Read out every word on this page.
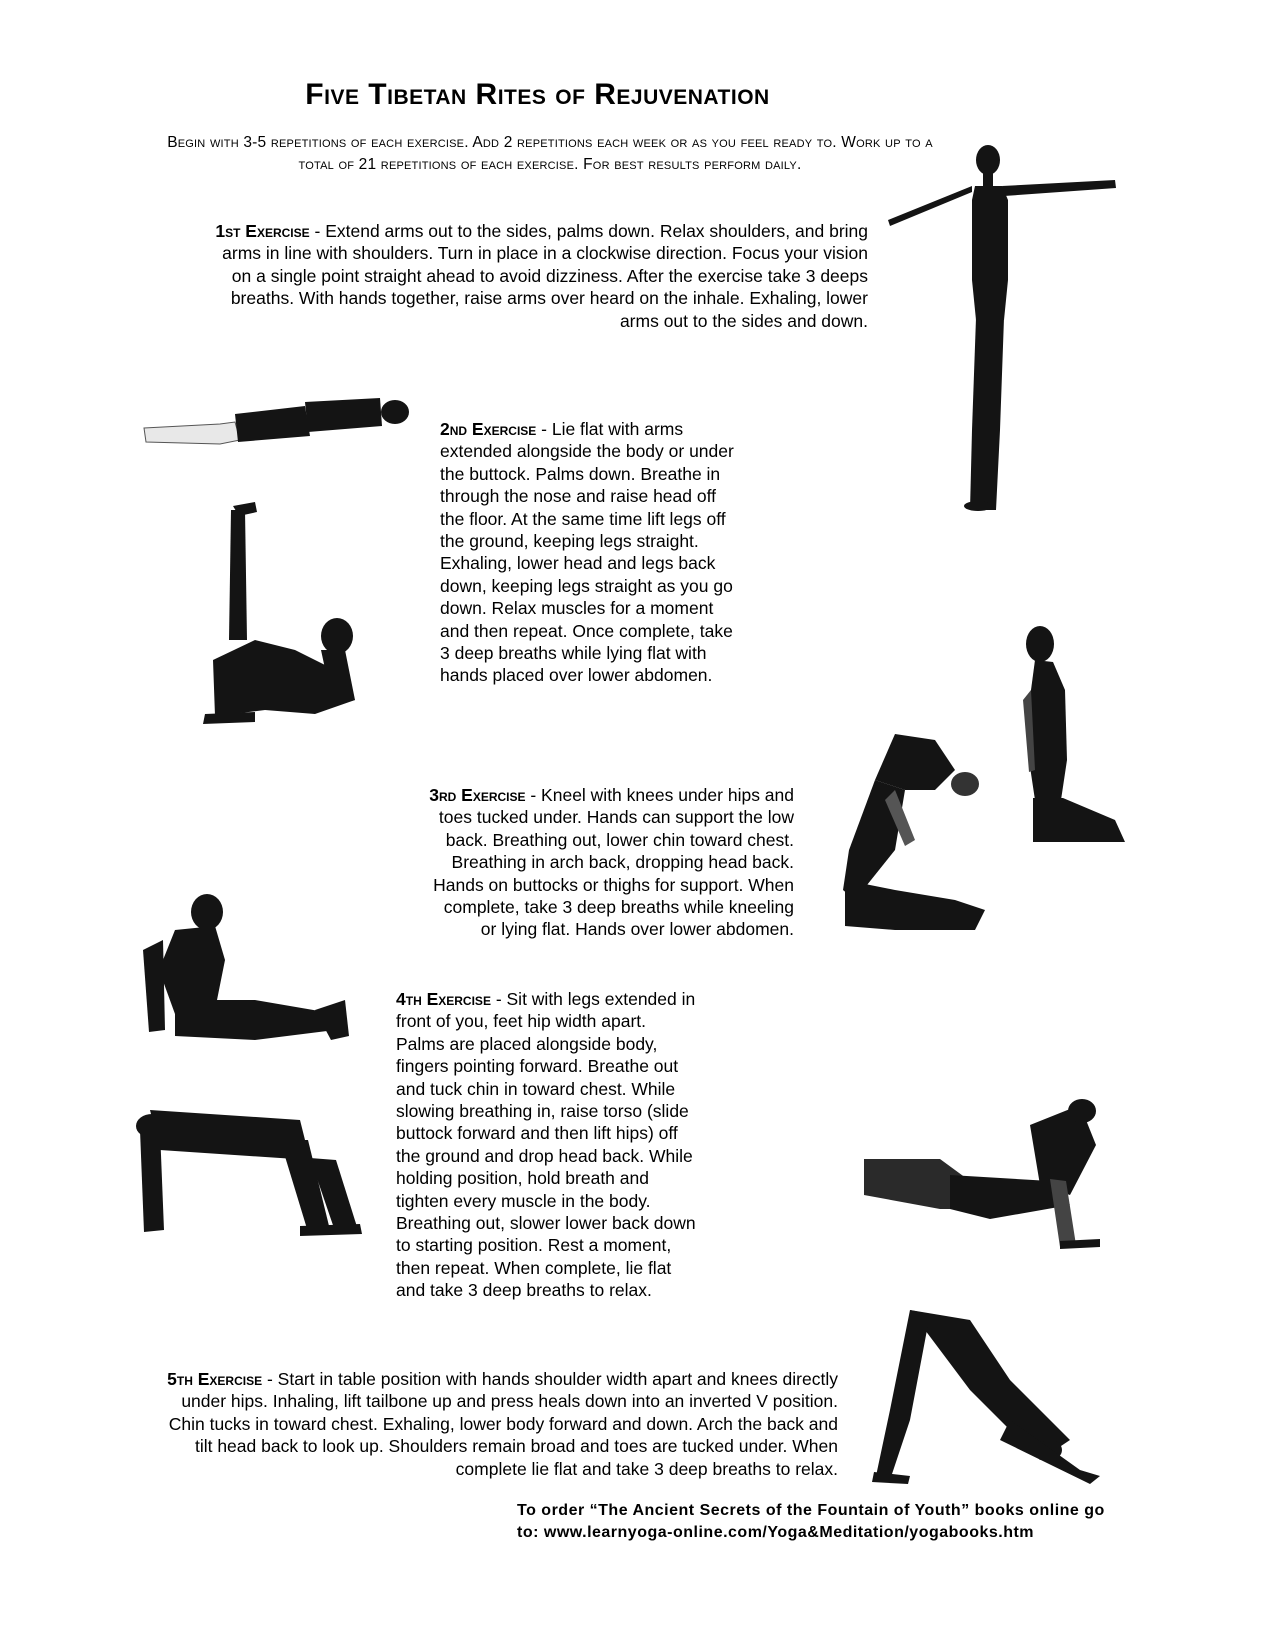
Five Tibetan Rites of Rejuvenation
Begin with 3-5 repetitions of each exercise. Add 2 repetitions each week or as you feel ready to. Work up to a total of 21 repetitions of each exercise. For best results perform daily.
1st Exercise - Extend arms out to the sides, palms down. Relax shoulders, and bring arms in line with shoulders. Turn in place in a clockwise direction. Focus your vision on a single point straight ahead to avoid dizziness. After the exercise take 3 deeps breaths. With hands together, raise arms over heard on the inhale. Exhaling, lower arms out to the sides and down.
2nd Exercise - Lie flat with arms extended alongside the body or under the buttock. Palms down. Breathe in through the nose and raise head off the floor. At the same time lift legs off the ground, keeping legs straight. Exhaling, lower head and legs back down, keeping legs straight as you go down. Relax muscles for a moment and then repeat. Once complete, take 3 deep breaths while lying flat with hands placed over lower abdomen.
3rd Exercise - Kneel with knees under hips and toes tucked under. Hands can support the low back. Breathing out, lower chin toward chest. Breathing in arch back, dropping head back. Hands on buttocks or thighs for support. When complete, take 3 deep breaths while kneeling or lying flat. Hands over lower abdomen.
4th Exercise - Sit with legs extended in front of you, feet hip width apart. Palms are placed alongside body, fingers pointing forward. Breathe out and tuck chin in toward chest. While slowing breathing in, raise torso (slide buttock forward and then lift hips) off the ground and drop head back. While holding position, hold breath and tighten every muscle in the body. Breathing out, slower lower back down to starting position. Rest a moment, then repeat. When complete, lie flat and take 3 deep breaths to relax.
5th Exercise - Start in table position with hands shoulder width apart and knees directly under hips. Inhaling, lift tailbone up and press heals down into an inverted V position. Chin tucks in toward chest. Exhaling, lower body forward and down. Arch the back and tilt head back to look up. Shoulders remain broad and toes are tucked under. When complete lie flat and take 3 deep breaths to relax.
To order “The Ancient Secrets of the Fountain of Youth” books online go
to: www.learnyoga-online.com/Yoga&Meditation/yogabooks.htm
